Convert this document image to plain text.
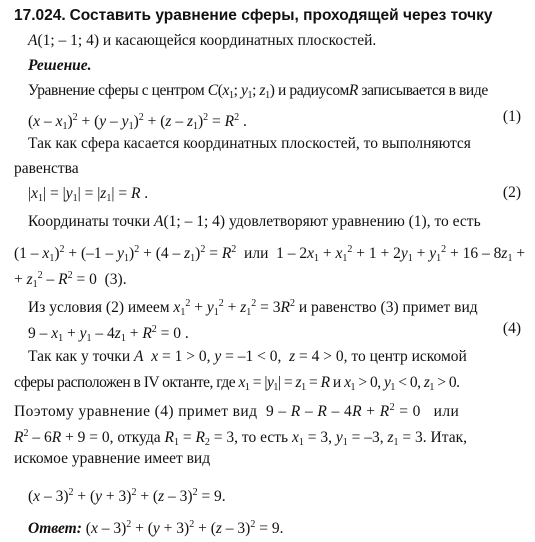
17.024. Составить уравнение сферы, проходящей через точку
A(1; – 1; 4) и касающейся координатных плоскостей.
Решение.
Уравнение сферы с центром $C(x_1$; $y_1$; $z_1$) и радиусомR записывается в виде
$(x - x_1)^2 + (y - y_1)^2 + (z - z_1)^2 = R^2$ .	(1)
Так как сфера касается координатных плоскостей, то выполняются
равенства
$|x_1| = |y_1| = |z_1| = R$ .	(2)
Координаты точки A(1; – 1; 4) удовлетворяют уравнению (1), то есть
$(1 - x_1)^2 + (-1 - y_1)^2 + (4 - z_1)^2 = R^2$ или  $1 - 2x_1 + x_1^2 + 1 + 2y_1 + y_1^2 + 16 - 8z_1$ +
+ $z_1^2 - R^2 = 0$  (3).
Из условия (2) имеем $x_1^2 + y_1^2 + z_1^2 = 3R^2$ и равенство (3) примет вид
$9 - x_1 + y_1 - 4z_1 + R^2 = 0$ .	(4)
Так как у точки A x = 1 > 0, y = –1 < 0,  z = 4 > 0, то центр искомой
сферы расположен в IV октанте, где $x_1 = |y_1| = z_1 = R$ и $x_1 > 0$, $y_1 < 0$, $z_1 > 0$.
Поэтому уравнение (4) примет вид  $9 - R - R - 4R + R^2 = 0$   или
$R^2 - 6R + 9 = 0$, откуда $R_1 = R_2 = 3$, то есть $x_1 = 3$, $y_1 = -3$, $z_1 = 3$. Итак,
искомое уравнение имеет вид
$(x - 3)^2 + (y + 3)^2 + (z - 3)^2 = 9$.
Ответ: $(x - 3)^2 + (y + 3)^2 + (z - 3)^2 = 9$.
